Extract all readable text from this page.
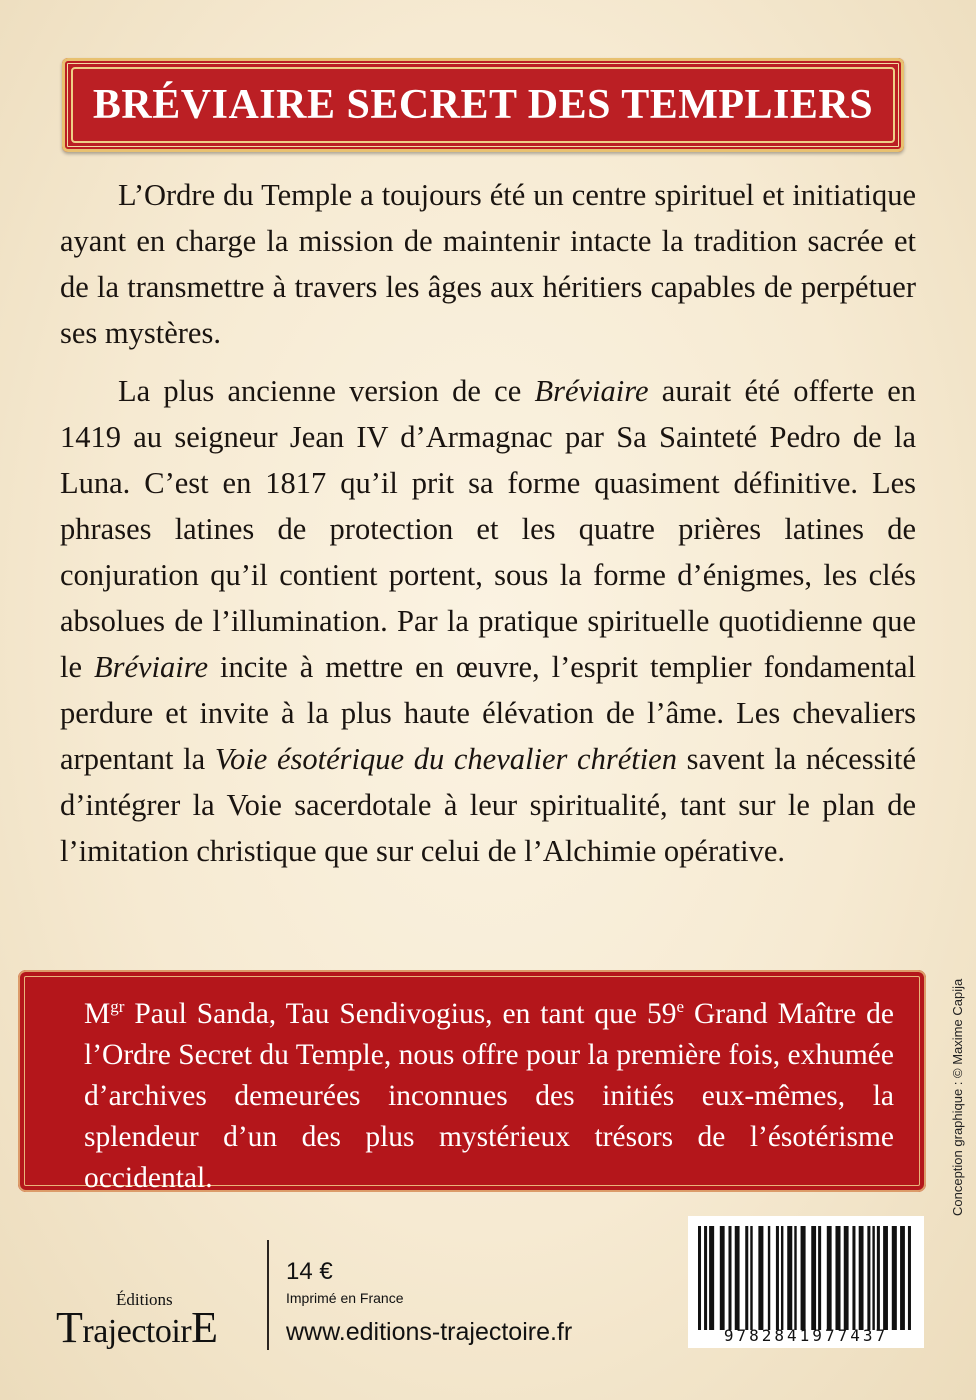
BRÉVIAIRE SECRET DES TEMPLIERS

L’Ordre du Temple a toujours été un centre spirituel et initiatique ayant en charge la mission de maintenir intacte la tradition sacrée et de la transmettre à travers les âges aux héritiers capables de perpétuer ses mystères.

La plus ancienne version de ce Bréviaire aurait été offerte en 1419 au seigneur Jean IV d’Armagnac par Sa Sainteté Pedro de la Luna. C’est en 1817 qu’il prit sa forme quasiment définitive. Les phrases latines de protection et les quatre prières latines de conjuration qu’il contient portent, sous la forme d’énigmes, les clés absolues de l’illumination. Par la pratique spirituelle quotidienne que le Bréviaire incite à mettre en œuvre, l’esprit templier fondamental perdure et invite à la plus haute élévation de l’âme. Les chevaliers arpentant la Voie ésotérique du chevalier chrétien savent la nécessité d’intégrer la Voie sacerdotale à leur spiritualité, tant sur le plan de l’imitation christique que sur celui de l’Alchimie opérative.

$M^{gr}$ Paul Sanda, Tau Sendivogius, en tant que 59e Grand Maître de l’Ordre Secret du Temple, nous offre pour la première fois, exhumée d’archives demeurées inconnues des initiés eux-mêmes, la splendeur d’un des plus mystérieux trésors de l’ésotérisme occidental.	Conception graphique : © Maxime Capija
Éditions
TrajectoirE
14 €
Imprimé en France
www.editions-trajectoire.fr	9782841977437
